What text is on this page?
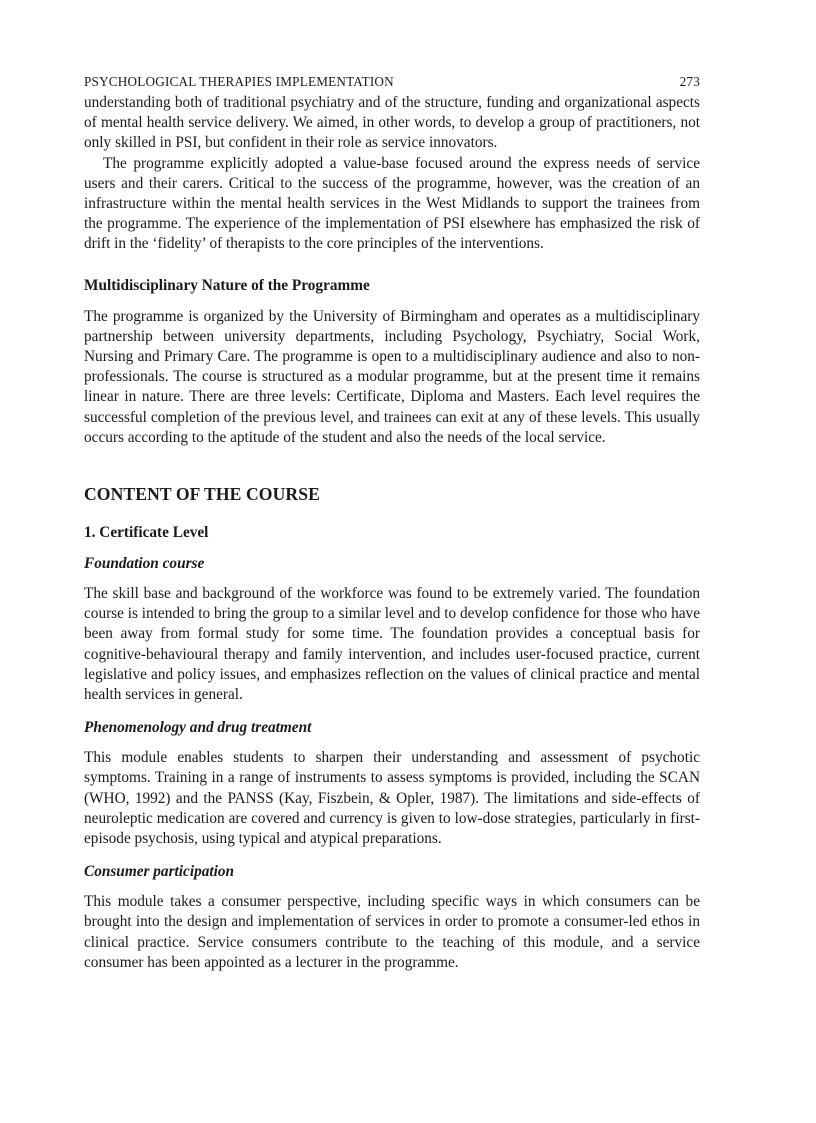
PSYCHOLOGICAL THERAPIES IMPLEMENTATION	273

understanding both of traditional psychiatry and of the structure, funding and organizational aspects of mental health service delivery. We aimed, in other words, to develop a group of practitioners, not only skilled in PSI, but confident in their role as service innovators.

The programme explicitly adopted a value-base focused around the express needs of service users and their carers. Critical to the success of the programme, however, was the creation of an infrastructure within the mental health services in the West Midlands to support the trainees from the programme. The experience of the implementation of PSI elsewhere has emphasized the risk of drift in the ‘fidelity’ of therapists to the core principles of the interventions.

Multidisciplinary Nature of the Programme

The programme is organized by the University of Birmingham and operates as a multidisciplinary partnership between university departments, including Psychology, Psychiatry, Social Work, Nursing and Primary Care. The programme is open to a multidisciplinary audience and also to non-professionals. The course is structured as a modular programme, but at the present time it remains linear in nature. There are three levels: Certificate, Diploma and Masters. Each level requires the successful completion of the previous level, and trainees can exit at any of these levels. This usually occurs according to the aptitude of the student and also the needs of the local service.

CONTENT OF THE COURSE
1. Certificate Level
Foundation course

The skill base and background of the workforce was found to be extremely varied. The foundation course is intended to bring the group to a similar level and to develop confidence for those who have been away from formal study for some time. The foundation provides a conceptual basis for cognitive-behavioural therapy and family intervention, and includes user-focused practice, current legislative and policy issues, and emphasizes reflection on the values of clinical practice and mental health services in general.

Phenomenology and drug treatment

This module enables students to sharpen their understanding and assessment of psychotic symptoms. Training in a range of instruments to assess symptoms is provided, including the SCAN (WHO, 1992) and the PANSS (Kay, Fiszbein, & Opler, 1987). The limitations and side-effects of neuroleptic medication are covered and currency is given to low-dose strategies, particularly in first-episode psychosis, using typical and atypical preparations.

Consumer participation

This module takes a consumer perspective, including specific ways in which consumers can be brought into the design and implementation of services in order to promote a consumer-led ethos in clinical practice. Service consumers contribute to the teaching of this module, and a service consumer has been appointed as a lecturer in the programme.
